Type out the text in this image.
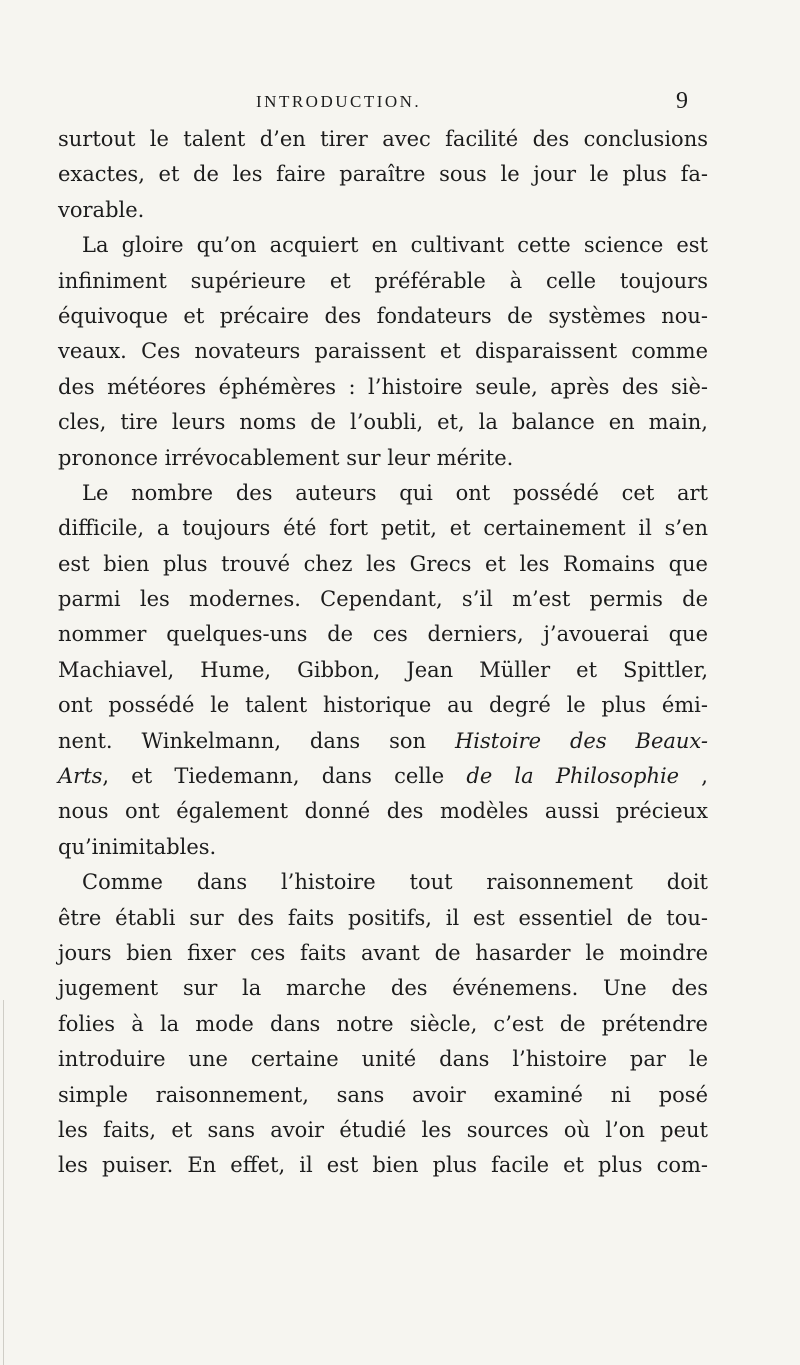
INTRODUCTION.	9
surtout le talent d’en tirer avec facilité des conclusions
exactes, et de les faire paraître sous le jour le plus fa-
vorable.
La gloire qu’on acquiert en cultivant cette science est
infiniment supérieure et préférable à celle toujours
équivoque et précaire des fondateurs de systèmes nou-
veaux. Ces novateurs paraissent et disparaissent comme
des météores éphémères : l’histoire seule, après des siè-
cles, tire leurs noms de l’oubli, et, la balance en main,
prononce irrévocablement sur leur mérite.
Le nombre des auteurs qui ont possédé cet art
difficile, a toujours été fort petit, et certainement il s’en
est bien plus trouvé chez les Grecs et les Romains que
parmi les modernes. Cependant, s’il m’est permis de
nommer quelques-uns de ces derniers, j’avouerai que
Machiavel, Hume, Gibbon, Jean Müller et Spittler,
ont possédé le talent historique au degré le plus émi-
nent. Winkelmann, dans son Histoire des Beaux-
Arts, et Tiedemann, dans celle de la Philosophie ,
nous ont également donné des modèles aussi précieux
qu’inimitables.
Comme dans l’histoire tout raisonnement doit
être établi sur des faits positifs, il est essentiel de tou-
jours bien fixer ces faits avant de hasarder le moindre
jugement sur la marche des événemens. Une des
folies à la mode dans notre siècle, c’est de prétendre
introduire une certaine unité dans l’histoire par le
simple raisonnement, sans avoir examiné ni posé
les faits, et sans avoir étudié les sources où l’on peut
les puiser. En effet, il est bien plus facile et plus com-
